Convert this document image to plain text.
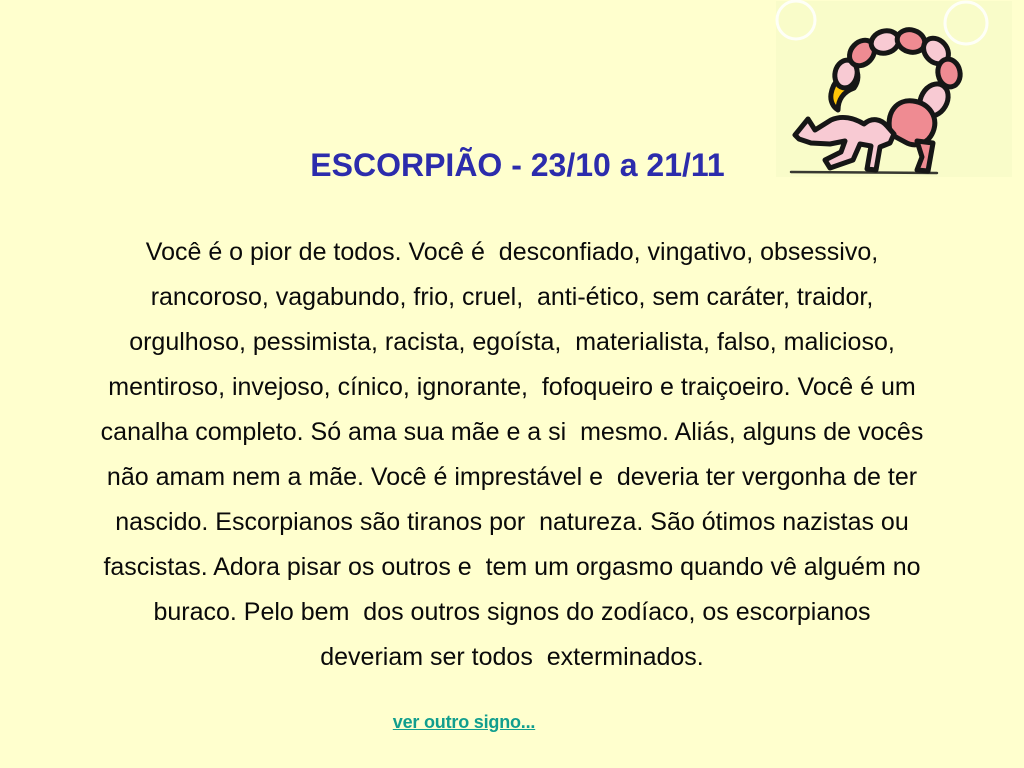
ESCORPIÃO - 23/10 a 21/11
Você é o pior de todos. Você é  desconfiado, vingativo, obsessivo,
rancoroso, vagabundo, frio, cruel,  anti-ético, sem caráter, traidor,
orgulhoso, pessimista, racista, egoísta,  materialista, falso, malicioso,
mentiroso, invejoso, cínico, ignorante,  fofoqueiro e traiçoeiro. Você é um
canalha completo. Só ama sua mãe e a si  mesmo. Aliás, alguns de vocês
não amam nem a mãe. Você é imprestável e  deveria ter vergonha de ter
nascido. Escorpianos são tiranos por  natureza. São ótimos nazistas ou
fascistas. Adora pisar os outros e  tem um orgasmo quando vê alguém no
buraco. Pelo bem  dos outros signos do zodíaco, os escorpianos
deveriam ser todos  exterminados.
ver outro signo...
